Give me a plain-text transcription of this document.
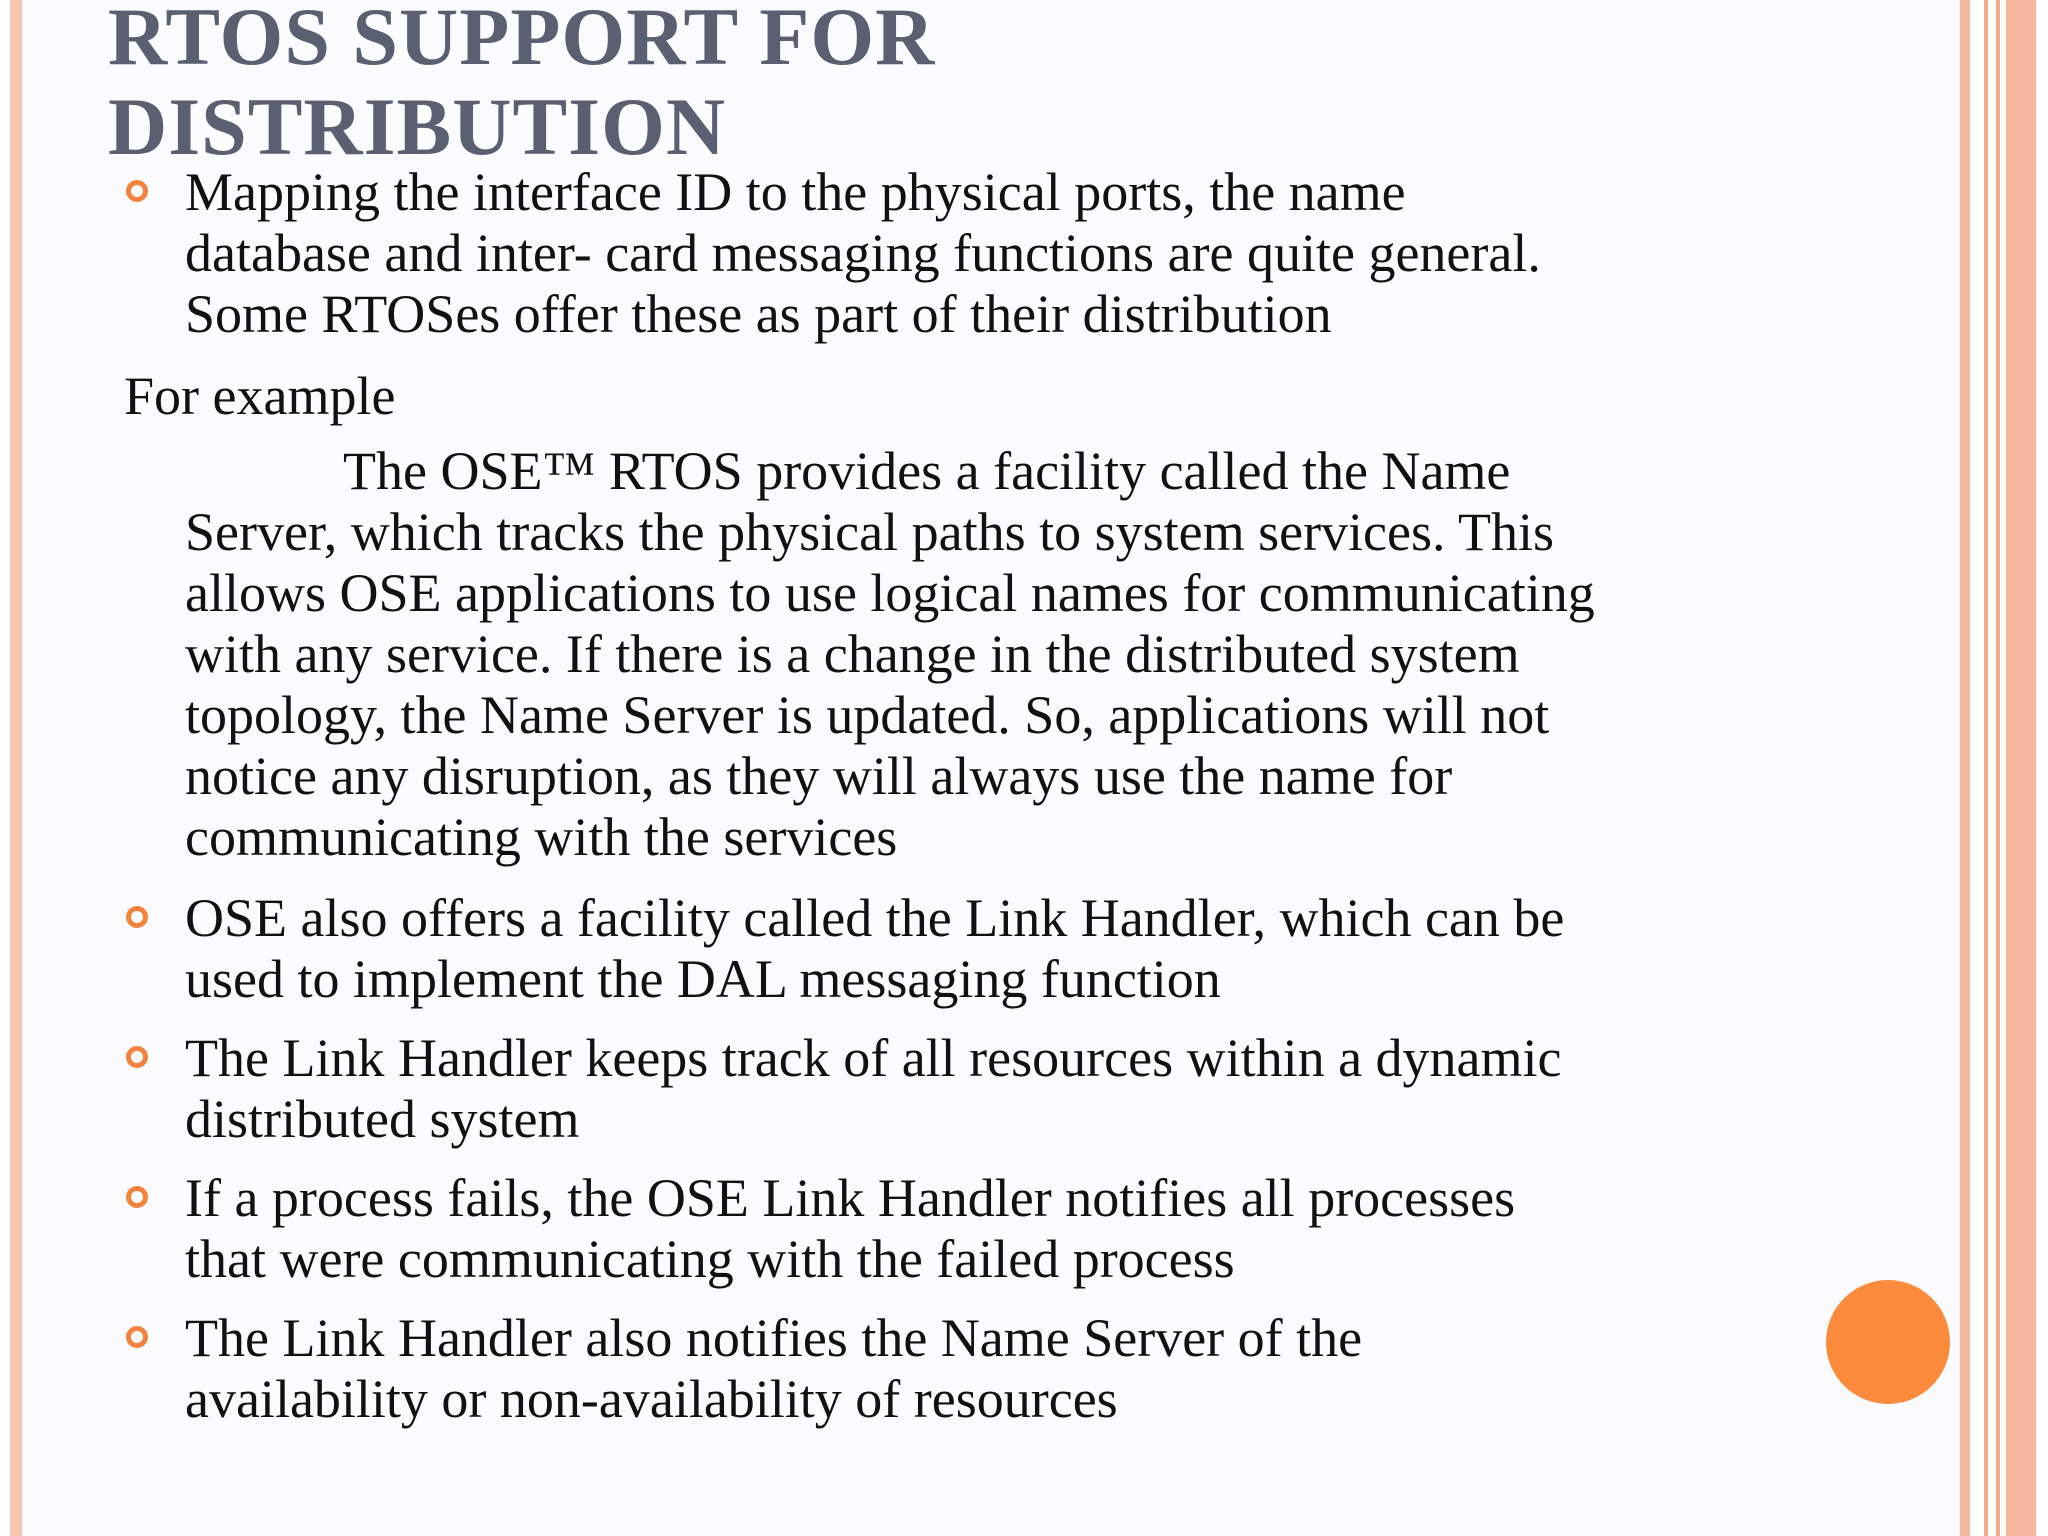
RTOS SUPPORT FOR
DISTRIBUTION
Mapping the interface ID to the physical ports, the name
database and inter- card messaging functions are quite general.
Some RTOSes offer these as part of their distribution
For example
The OSE™ RTOS provides a facility called the Name
Server, which tracks the physical paths to system services. This
allows OSE applications to use logical names for communicating
with any service. If there is a change in the distributed system
topology, the Name Server is updated. So, applications will not
notice any disruption, as they will always use the name for
communicating with the services
OSE also offers a facility called the Link Handler, which can be
used to implement the DAL messaging function
The Link Handler keeps track of all resources within a dynamic
distributed system
If a process fails, the OSE Link Handler notifies all processes
that were communicating with the failed process
The Link Handler also notifies the Name Server of the
availability or non-availability of resources
